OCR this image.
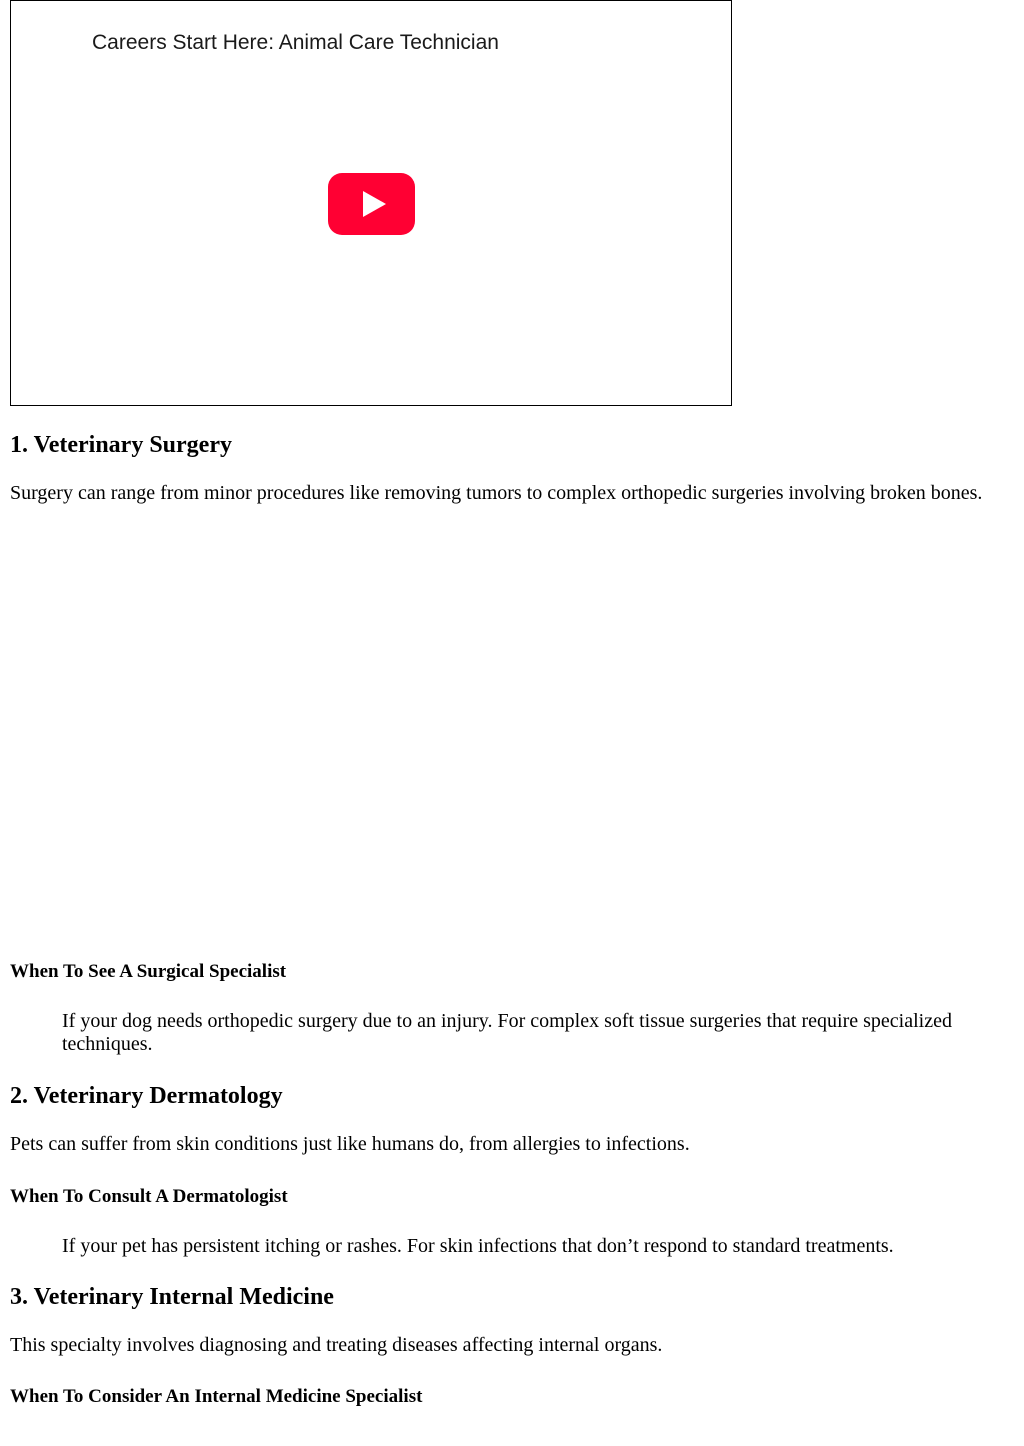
Careers Start Here: Animal Care Technician
1. Veterinary Surgery

Surgery can range from minor procedures like removing tumors to complex orthopedic surgeries involving broken bones.

When To See A Surgical Specialist
If your dog needs orthopedic surgery due to an injury. For complex soft tissue surgeries that require specialized techniques.
2. Veterinary Dermatology

Pets can suffer from skin conditions just like humans do, from allergies to infections.

When To Consult A Dermatologist
If your pet has persistent itching or rashes. For skin infections that don’t respond to standard treatments.
3. Veterinary Internal Medicine

This specialty involves diagnosing and treating diseases affecting internal organs.

When To Consider An Internal Medicine Specialist
